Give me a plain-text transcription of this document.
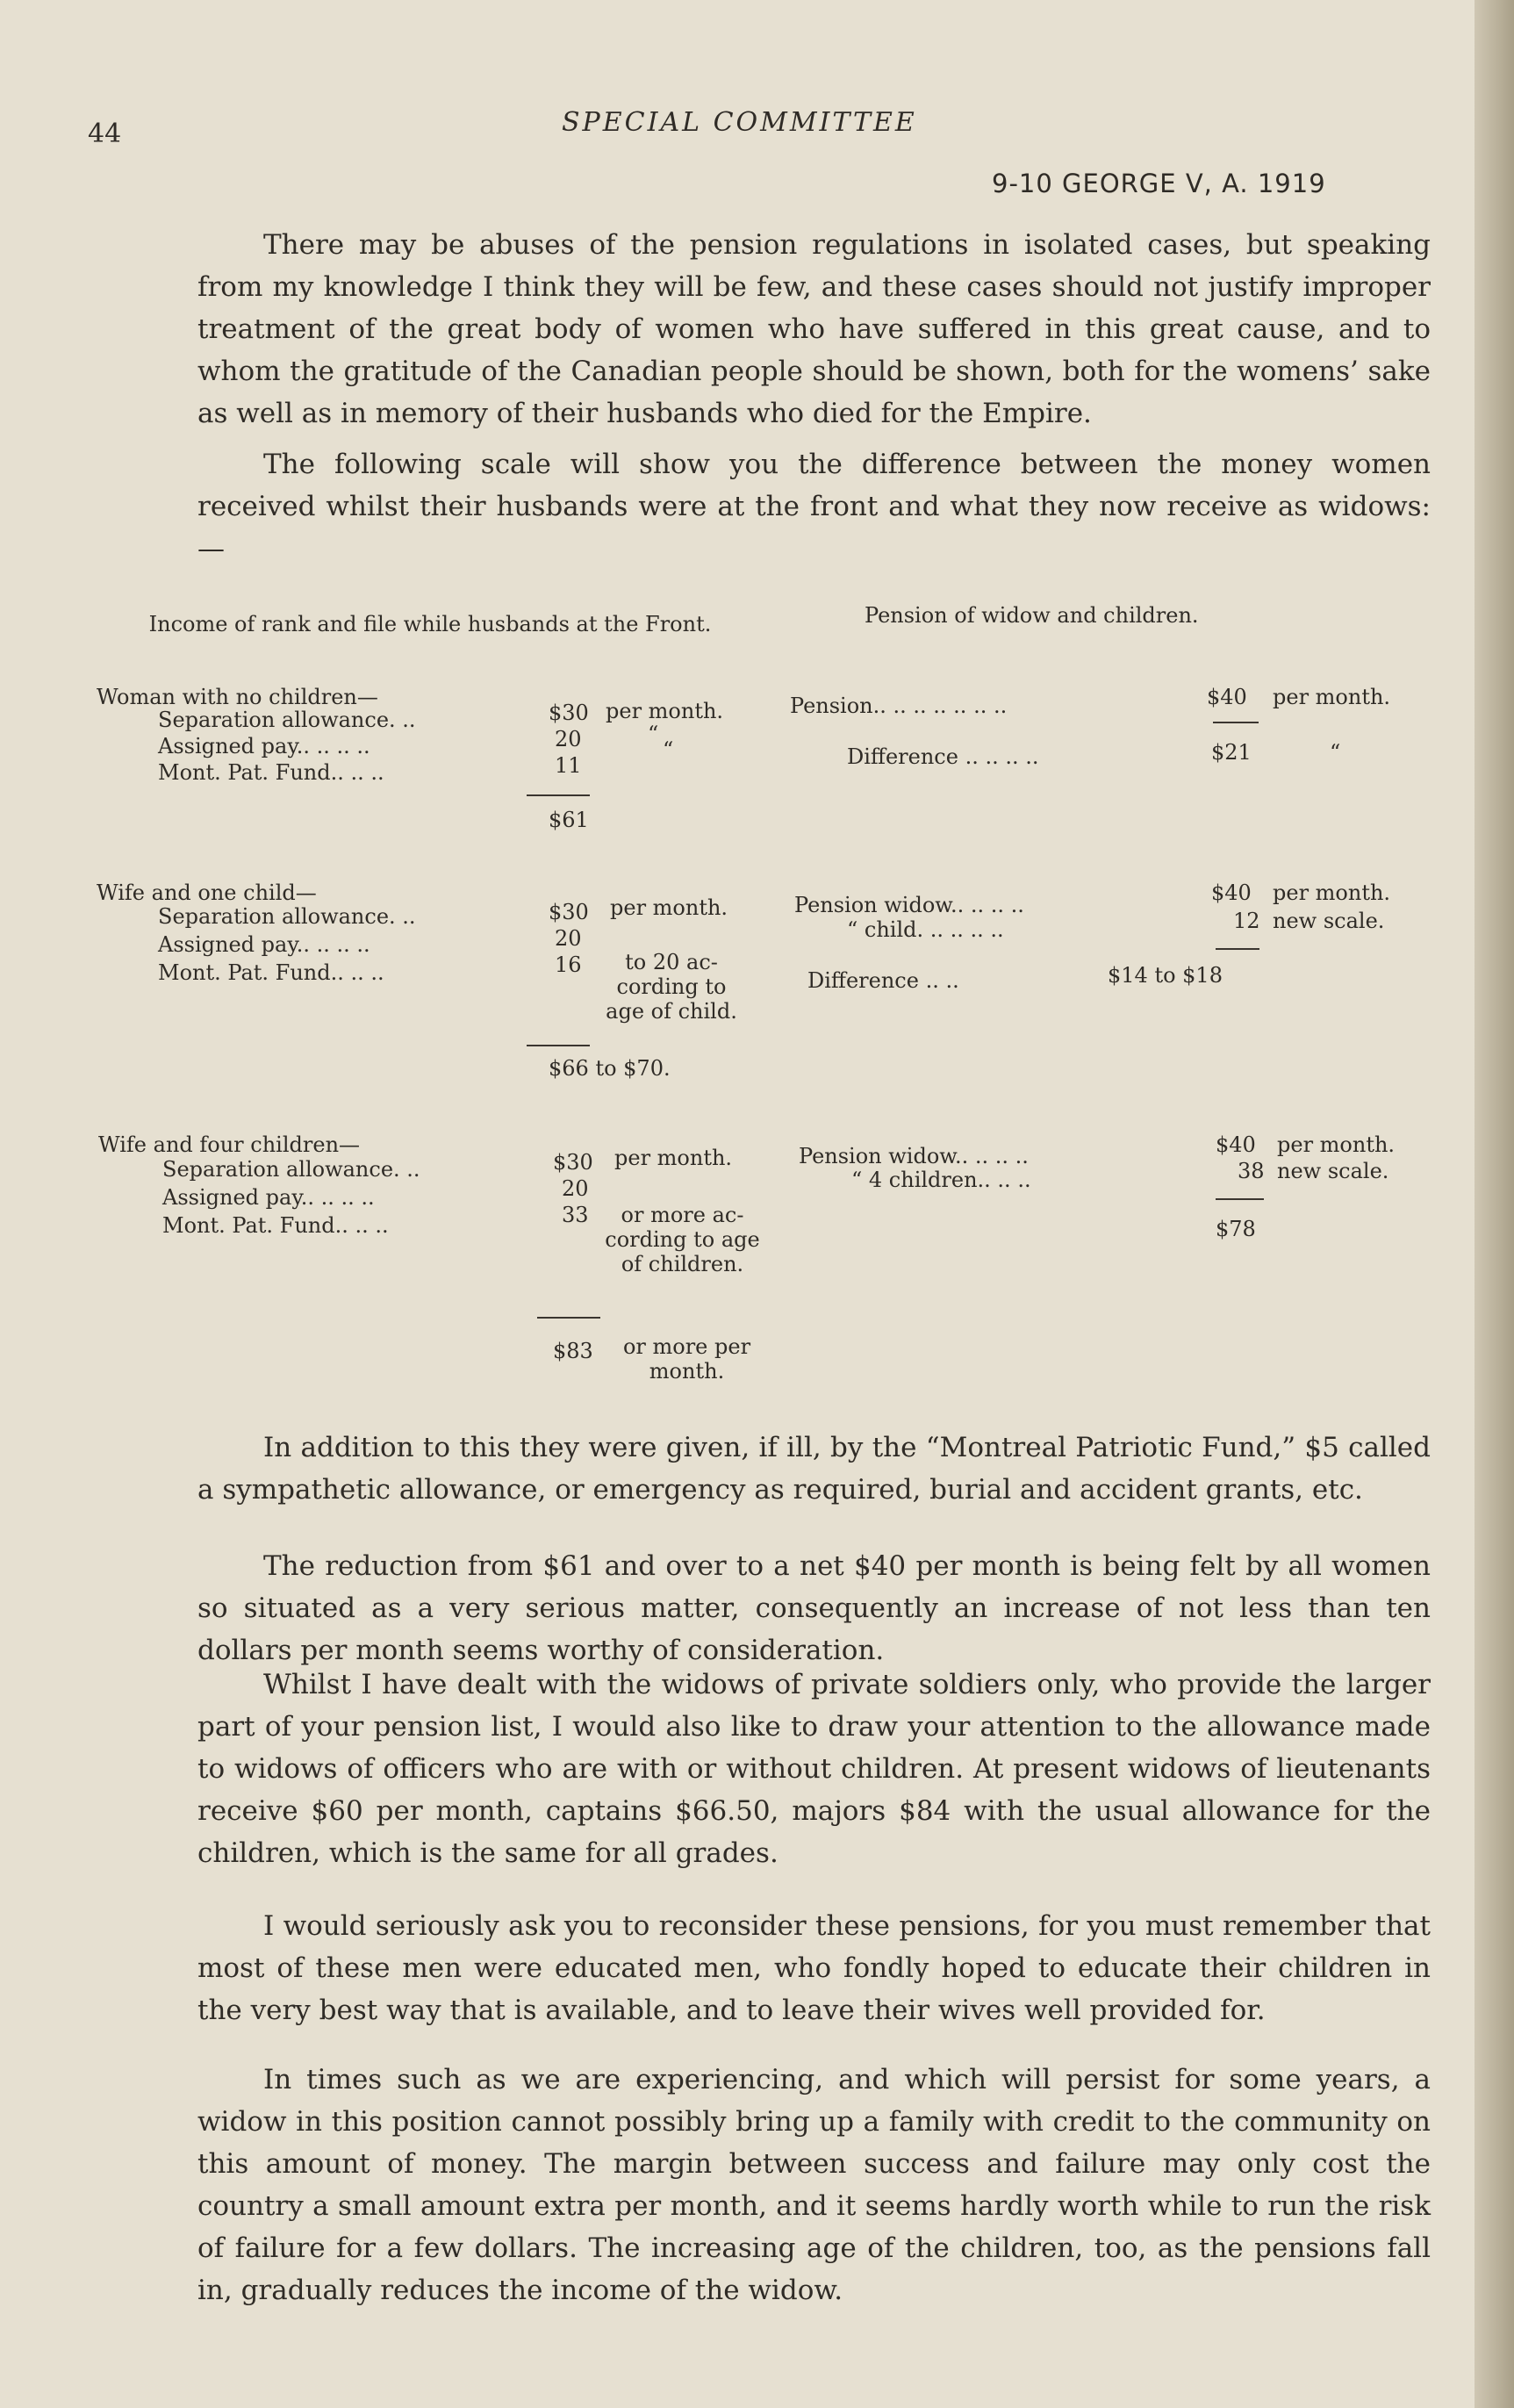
44	SPECIAL COMMITTEE
9-10 GEORGE V, A. 1919

There may be abuses of the pension regulations in isolated cases, but speaking from my knowledge I think they will be few, and these cases should not justify improper treatment of the great body of women who have suffered in this great cause, and to whom the gratitude of the Canadian people should be shown, both for the womens’ sake as well as in memory of their husbands who died for the Empire.

The following scale will show you the difference between the money women received whilst their husbands were at the front and what they now receive as widows:—

Income of rank and file while husbands at the Front.	Pension of widow and children.
Woman with no children—
Separation allowance. ..	$30 per month.
Assigned pay.. .. .. ..	20	“
Mont. Pat. Fund.. .. ..	11
“
$61
Pension.. .. .. .. .. .. ..	$40 per month.
Difference .. .. .. ..	$21	“
Wife and one child—
Separation allowance. ..	$30 per month.
Assigned pay.. .. .. ..	20
Mont. Pat. Fund.. .. ..	16	to 20 ac-cording to age of child.
$66 to $70.
Pension widow.. .. .. ..	$40 per month.
“ child. .. .. .. ..	12 new scale.
Difference .. ..	$14 to $18
Wife and four children—
Separation allowance. ..	$30 per month.
Assigned pay.. .. .. ..	20
Mont. Pat. Fund.. .. ..	33	or more ac-cording to age of children.
$83	or more per month.
Pension widow.. .. .. ..	$40 per month.
“ 4 children.. .. ..	38 new scale.
$78

In addition to this they were given, if ill, by the “Montreal Patriotic Fund,” $5 called a sympathetic allowance, or emergency as required, burial and accident grants, etc.

The reduction from $61 and over to a net $40 per month is being felt by all women so situated as a very serious matter, consequently an increase of not less than ten dollars per month seems worthy of consideration.

Whilst I have dealt with the widows of private soldiers only, who provide the larger part of your pension list, I would also like to draw your attention to the allowance made to widows of officers who are with or without children. At present widows of lieutenants receive $60 per month, captains $66.50, majors $84 with the usual allowance for the children, which is the same for all grades.

I would seriously ask you to reconsider these pensions, for you must remember that most of these men were educated men, who fondly hoped to educate their children in the very best way that is available, and to leave their wives well provided for.

In times such as we are experiencing, and which will persist for some years, a widow in this position cannot possibly bring up a family with credit to the community on this amount of money. The margin between success and failure may only cost the country a small amount extra per month, and it seems hardly worth while to run the risk of failure for a few dollars. The increasing age of the children, too, as the pensions fall in, gradually reduces the income of the widow.
